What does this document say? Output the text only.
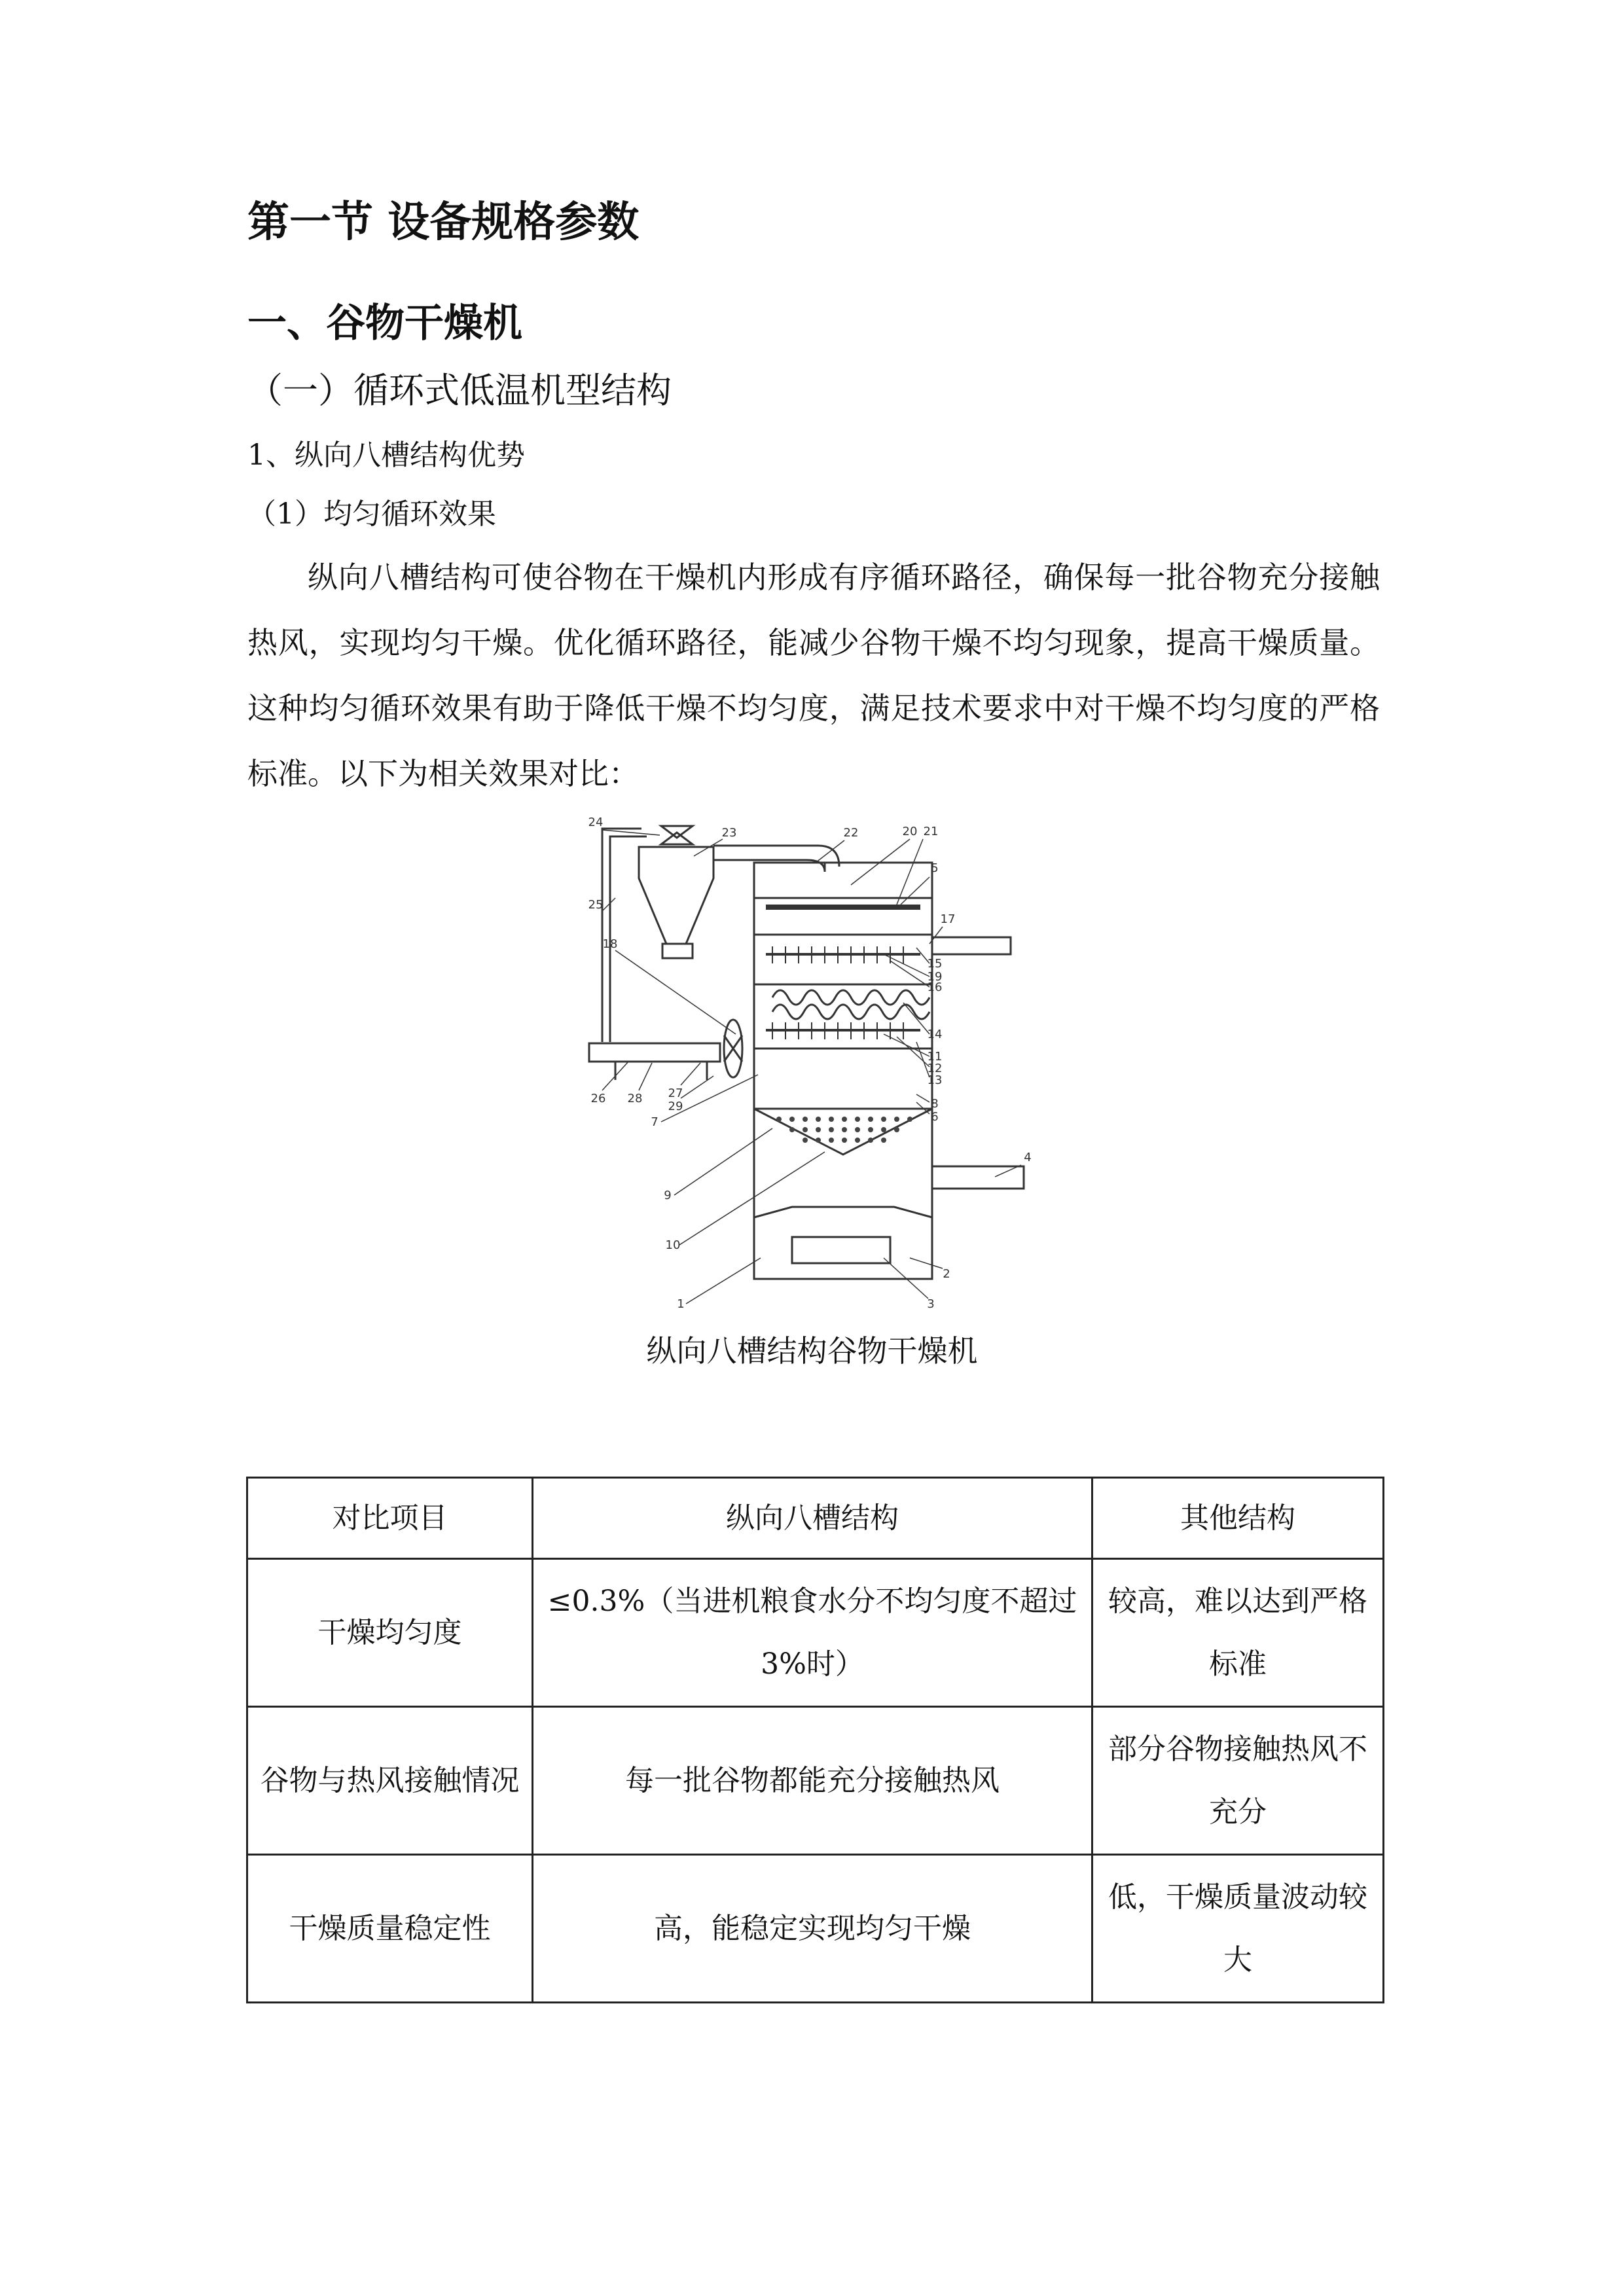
第一节 设备规格参数
一、谷物干燥机
（一）循环式低温机型结构
1、纵向八槽结构优势
（1）均匀循环效果
纵向八槽结构可使谷物在干燥机内形成有序循环路径，确保每一批谷物充分接触热风，实现均匀干燥。优化循环路径，能减少谷物干燥不均匀现象，提高干燥质量。这种均匀循环效果有助于降低干燥不均匀度，满足技术要求中对干燥不均匀度的严格标准。以下为相关效果对比：
1
2
3
4
5
6
7
8
9
10
11
12
13
14
15
16
17
18
19
20 21
22
23
24
25
26	27
28
29
纵向八槽结构谷物干燥机
对比项目	纵向八槽结构	其他结构
干燥均匀度	≤0.3%（当进机粮食水分不均匀度不超过 3%时）	较高，难以达到严格标准
谷物与热风接触情况	每一批谷物都能充分接触热风	部分谷物接触热风不充分
干燥质量稳定性	高，能稳定实现均匀干燥	低，干燥质量波动较大
